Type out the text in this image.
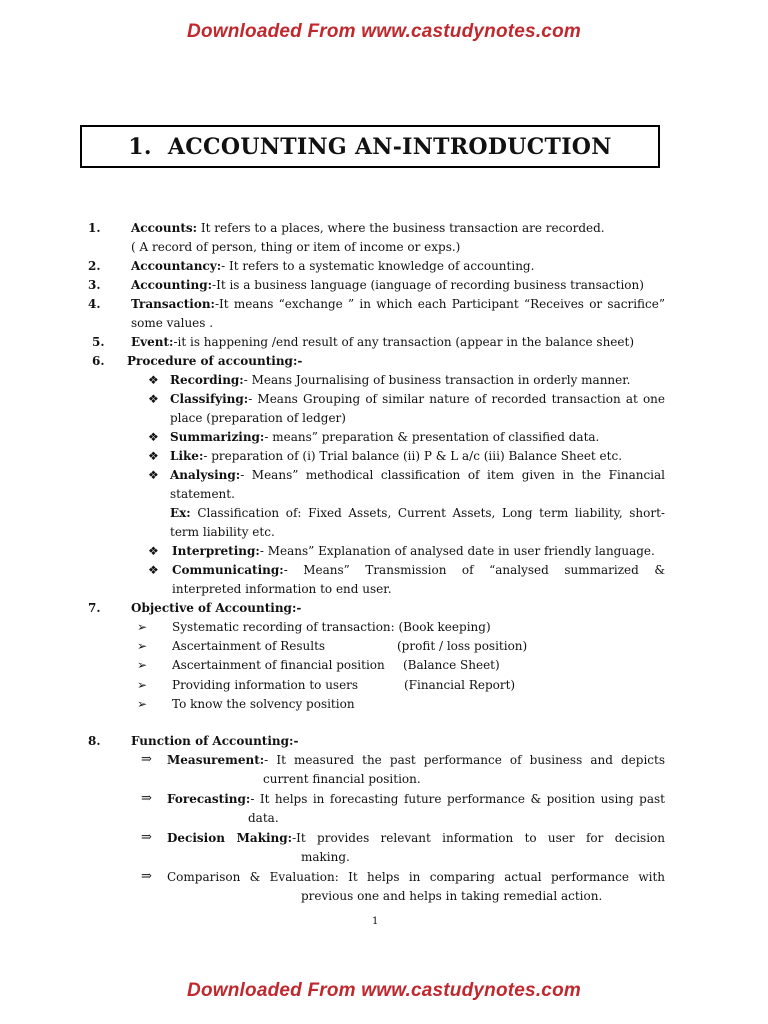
Downloaded From www.castudynotes.com
1. ACCOUNTING AN-INTRODUCTION
1.	Accounts: It refers to a places, where the business transaction are recorded.
( A record of person, thing or item of income or exps.)
2.	Accountancy:- It refers to a systematic knowledge of accounting.
3.	Accounting:-It is a business language (ianguage of recording business transaction)
4.	Transaction:-It means “exchange ” in which each Participant “Receives or sacrifice”
some values .
5. Event:-it is happening /end result of any transaction (appear in the balance sheet)
6. Procedure of accounting:-
❖ Recording:- Means Journalising of business transaction in orderly manner.
❖ Classifying:- Means Grouping of similar nature of recorded transaction at one
place (preparation of ledger)
❖ Summarizing:- means” preparation & presentation of classified data.
❖ Like:- preparation of (i) Trial balance (ii) P & L a/c (iii) Balance Sheet etc.
❖ Analysing:- Means” methodical classification of item given in the Financial
statement.
Ex: Classification of: Fixed Assets, Current Assets, Long term liability, short-
term liability etc.
❖ Interpreting:- Means” Explanation of analysed date in user friendly language.
❖ Communicating:- Means” Transmission of “analysed summarized &
interpreted information to end user.
7.	Objective of Accounting:-
➢ Systematic recording of transaction: (Book keeping)
➢ Ascertainment of Results	(profit / loss position)
➢ Ascertainment of financial position (Balance Sheet)
➢ Providing information to users	(Financial Report)
➢ To know the solvency position
8.	Function of Accounting:-
⇒ Measurement:- It measured the past performance of business and depicts
current financial position.
⇒ Forecasting:- It helps in forecasting future performance & position using past
data.
⇒ Decision Making:-It provides relevant information to user for decision
making.
⇒ Comparison & Evaluation: It helps in comparing actual performance with
previous one and helps in taking remedial action.
1
Downloaded From www.castudynotes.com
